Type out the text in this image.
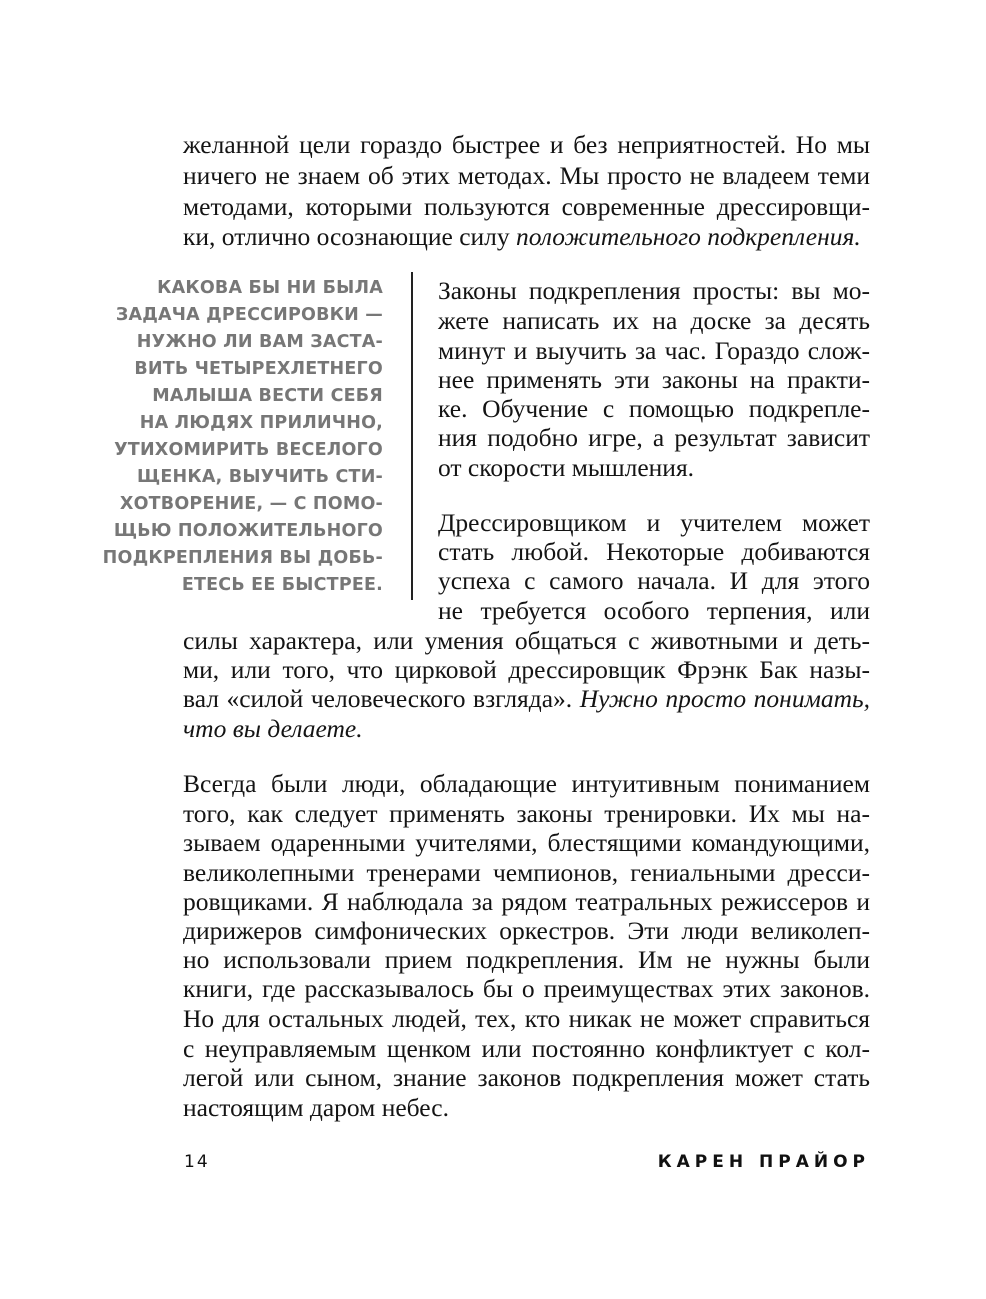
желанной цели гораздо быстрее и без неприятностей. Но мы
ничего не знаем об этих методах. Мы просто не владеем теми
методами, которыми пользуются современные дрессировщи-
ки, отлично осознающие силу положительного подкрепления.
КАКОВА БЫ НИ БЫЛА
ЗАДАЧА ДРЕССИРОВКИ —
НУЖНО ЛИ ВАМ ЗАСТА-
ВИТЬ ЧЕТЫРЕХЛЕТНЕГО
МАЛЫША ВЕСТИ СЕБЯ
НА ЛЮДЯХ ПРИЛИЧНО,
УТИХОМИРИТЬ ВЕСЕЛОГО
ЩЕНКА, ВЫУЧИТЬ СТИ-
ХОТВОРЕНИЕ, — С ПОМО-
ЩЬЮ ПОЛОЖИТЕЛЬНОГО
ПОДКРЕПЛЕНИЯ ВЫ ДОБЬ-
ЕТЕСЬ ЕЕ БЫСТРЕЕ.
Законы подкрепления просты: вы мо-
жете написать их на доске за десять
минут и выучить за час. Гораздо слож-
нее применять эти законы на практи-
ке. Обучение с помощью подкрепле-
ния подобно игре, а результат зависит
от скорости мышления.
Дрессировщиком и учителем может
стать любой. Некоторые добиваются
успеха с самого начала. И для этого
не требуется особого терпения, или
силы характера, или умения общаться с животными и деть-
ми, или того, что цирковой дрессировщик Фрэнк Бак назы-
вал «силой человеческого взгляда». Нужно просто понимать,
что вы делаете.
Всегда были люди, обладающие интуитивным пониманием
того, как следует применять законы тренировки. Их мы на-
зываем одаренными учителями, блестящими командующими,
великолепными тренерами чемпионов, гениальными дресси-
ровщиками. Я наблюдала за рядом театральных режиссеров и
дирижеров симфонических оркестров. Эти люди великолеп-
но использовали прием подкрепления. Им не нужны были
книги, где рассказывалось бы о преимуществах этих законов.
Но для остальных людей, тех, кто никак не может справиться
с неуправляемым щенком или постоянно конфликтует с кол-
легой или сыном, знание законов подкрепления может стать
настоящим даром небес.
14	КАРЕН ПРАЙОР
